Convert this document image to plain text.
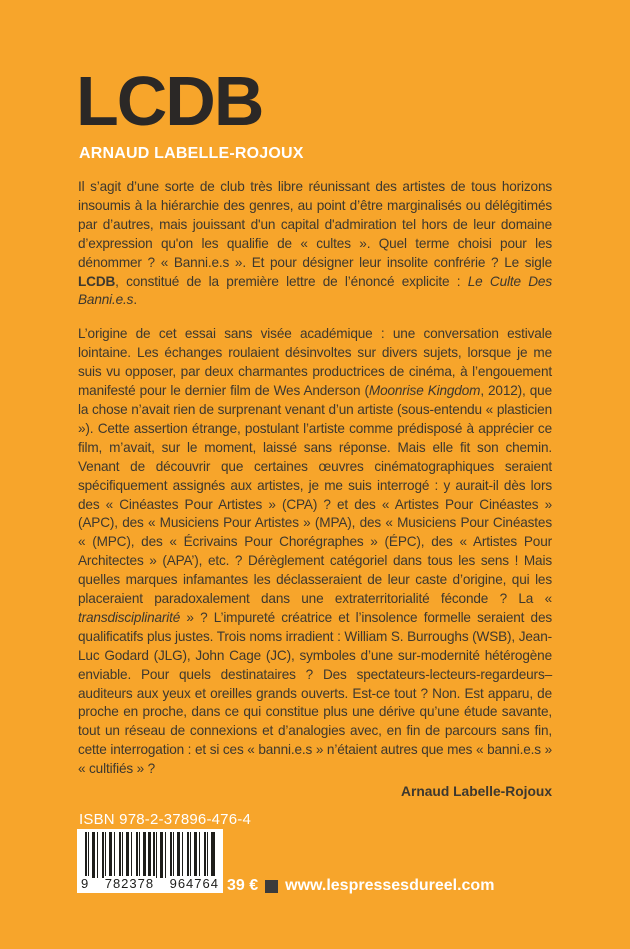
LCDB
ARNAUD LABELLE-ROJOUX

Il s’agit d’une sorte de club très libre réunissant des artistes de tous horizons insoumis à la hiérarchie des genres, au point d’être marginalisés ou délégitimés par d’autres, mais jouissant d'un capital d'admiration tel hors de leur domaine d’expression qu'on les qualifie de « cultes ». Quel terme choisi pour les dénommer ? « Banni.e.s ». Et pour désigner leur insolite confrérie ? Le sigle LCDB, constitué de la première lettre de l’énoncé explicite : Le Culte Des Banni.e.s.

L’origine de cet essai sans visée académique : une conversation estivale lointaine. Les échanges roulaient désinvoltes sur divers sujets, lorsque je me suis vu opposer, par deux charmantes productrices de cinéma, à l’engouement manifesté pour le dernier film de Wes Anderson (Moonrise Kingdom, 2012), que la chose n’avait rien de surprenant venant d’un artiste (sous-entendu « plasticien »). Cette assertion étrange, postulant l’artiste comme prédisposé à apprécier ce film, m’avait, sur le moment, laissé sans réponse. Mais elle fit son chemin. Venant de découvrir que certaines œuvres cinématographiques seraient spécifiquement assignés aux artistes, je me suis interrogé : y aurait-il dès lors des « Cinéastes Pour Artistes » (CPA) ? et des « Artistes Pour Cinéastes » (APC), des « Musiciens Pour Artistes » (MPA), des « Musiciens Pour Cinéastes « (MPC), des « Écrivains Pour Chorégraphes » (ÉPC), des « Artistes Pour Architectes » (APA’), etc. ? Dérèglement catégoriel dans tous les sens ! Mais quelles marques infamantes les déclasseraient de leur caste d’origine, qui les placeraient paradoxalement dans une extraterritorialité féconde ? La « transdisciplinarité » ? L’impureté créatrice et l’insolence formelle seraient des qualificatifs plus justes. Trois noms irradient : William S. Burroughs (WSB), Jean-Luc Godard (JLG), John Cage (JC), symboles d’une sur-modernité hétérogène enviable. Pour quels destinataires ? Des spectateurs-lecteurs-regardeurs–auditeurs aux yeux et oreilles grands ouverts. Est-ce tout ? Non. Est apparu, de proche en proche, dans ce qui constitue plus une dérive qu’une étude savante, tout un réseau de connexions et d’analogies avec, en fin de parcours sans fin, cette interrogation : et si ces « banni.e.s » n’étaient autres que mes « banni.e.s » « cultifiés » ?

Arnaud Labelle-Rojoux
ISBN 978-2-37896-476-4
9 782378 964764 39 € www.lespressesdureel.com
